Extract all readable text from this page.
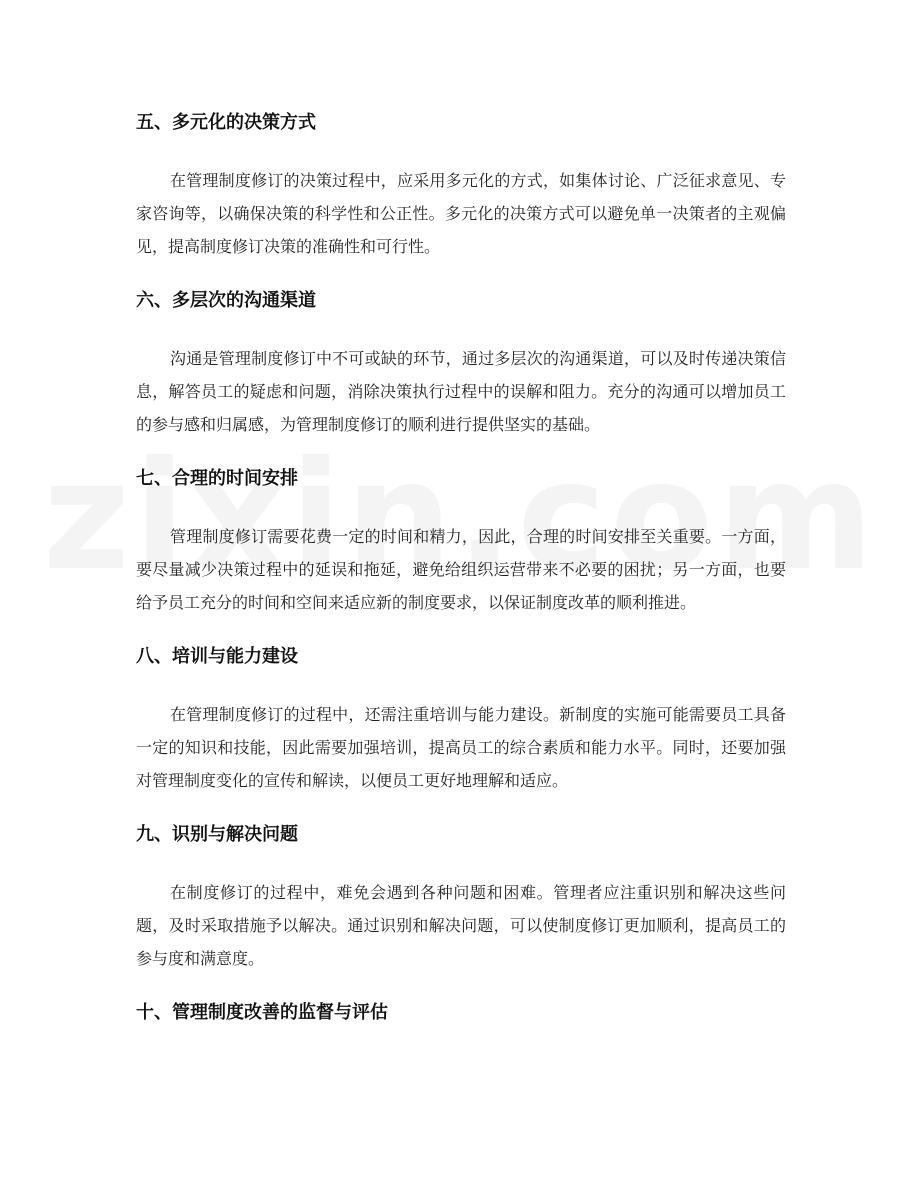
五、多元化的决策方式

在管理制度修订的决策过程中，应采用多元化的方式，如集体讨论、广泛征求意见、专家咨询等，以确保决策的科学性和公正性。多元化的决策方式可以避免单一决策者的主观偏见，提高制度修订决策的准确性和可行性。

六、多层次的沟通渠道

沟通是管理制度修订中不可或缺的环节，通过多层次的沟通渠道，可以及时传递决策信息，解答员工的疑虑和问题，消除决策执行过程中的误解和阻力。充分的沟通可以增加员工的参与感和归属感，为管理制度修订的顺利进行提供坚实的基础。

七、合理的时间安排

管理制度修订需要花费一定的时间和精力，因此，合理的时间安排至关重要。一方面，要尽量减少决策过程中的延误和拖延，避免给组织运营带来不必要的困扰；另一方面，也要给予员工充分的时间和空间来适应新的制度要求，以保证制度改革的顺利推进。

八、培训与能力建设

在管理制度修订的过程中，还需注重培训与能力建设。新制度的实施可能需要员工具备一定的知识和技能，因此需要加强培训，提高员工的综合素质和能力水平。同时，还要加强对管理制度变化的宣传和解读，以便员工更好地理解和适应。

九、识别与解决问题

在制度修订的过程中，难免会遇到各种问题和困难。管理者应注重识别和解决这些问题，及时采取措施予以解决。通过识别和解决问题，可以使制度修订更加顺利，提高员工的参与度和满意度。

十、管理制度改善的监督与评估
